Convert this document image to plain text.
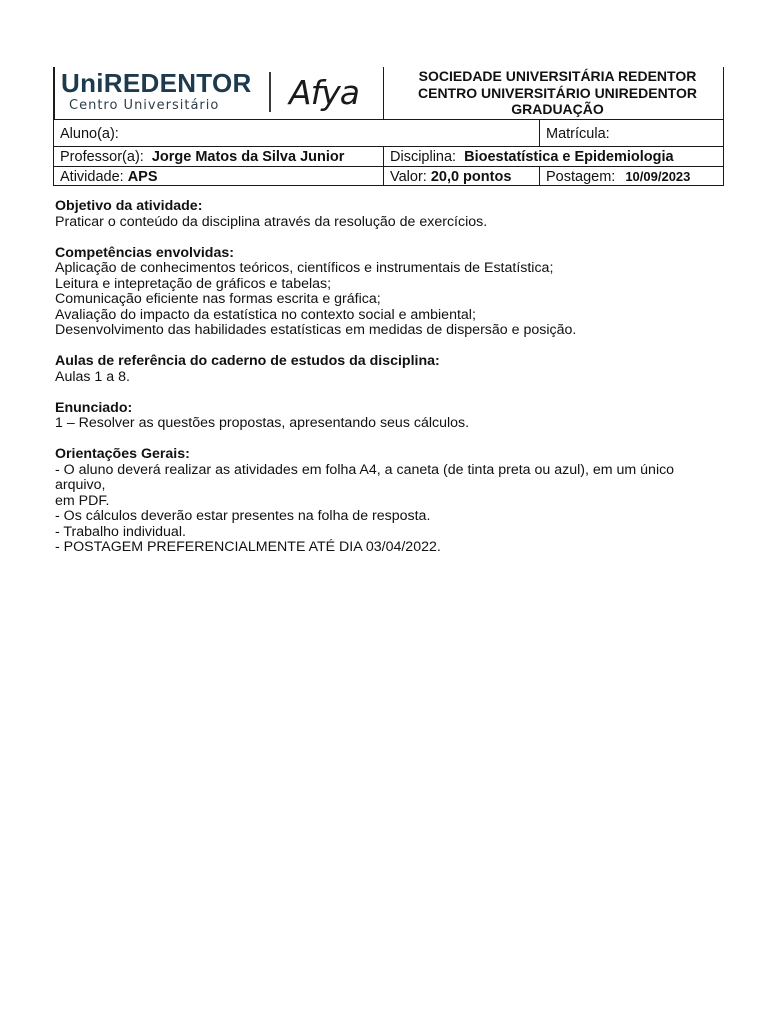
UniREDENTOR
Centro Universitário Afya	SOCIEDADE UNIVERSITÁRIA REDENTOR
CENTRO UNIVERSITÁRIO UNIREDENTOR
GRADUAÇÃO
Aluno(a):	Matrícula:
Professor(a): Jorge Matos da Silva Junior	Disciplina: Bioestatística e Epidemiologia
Atividade: APS	Valor: 20,0 pontos Postagem: 10/09/2023

Objetivo da atividade:

Praticar o conteúdo da disciplina através da resolução de exercícios.

Competências envolvidas:

Aplicação de conhecimentos teóricos, científicos e instrumentais de Estatística;

Leitura e intepretação de gráficos e tabelas;

Comunicação eficiente nas formas escrita e gráfica;

Avaliação do impacto da estatística no contexto social e ambiental;

Desenvolvimento das habilidades estatísticas em medidas de dispersão e posição.

Aulas de referência do caderno de estudos da disciplina:

Aulas 1 a 8.

Enunciado:

1 – Resolver as questões propostas, apresentando seus cálculos.

Orientações Gerais:

- O aluno deverá realizar as atividades em folha A4, a caneta (de tinta preta ou azul), em um único arquivo,

em PDF.

- Os cálculos deverão estar presentes na folha de resposta.

- Trabalho individual.

- POSTAGEM PREFERENCIALMENTE ATÉ DIA 03/04/2022.
